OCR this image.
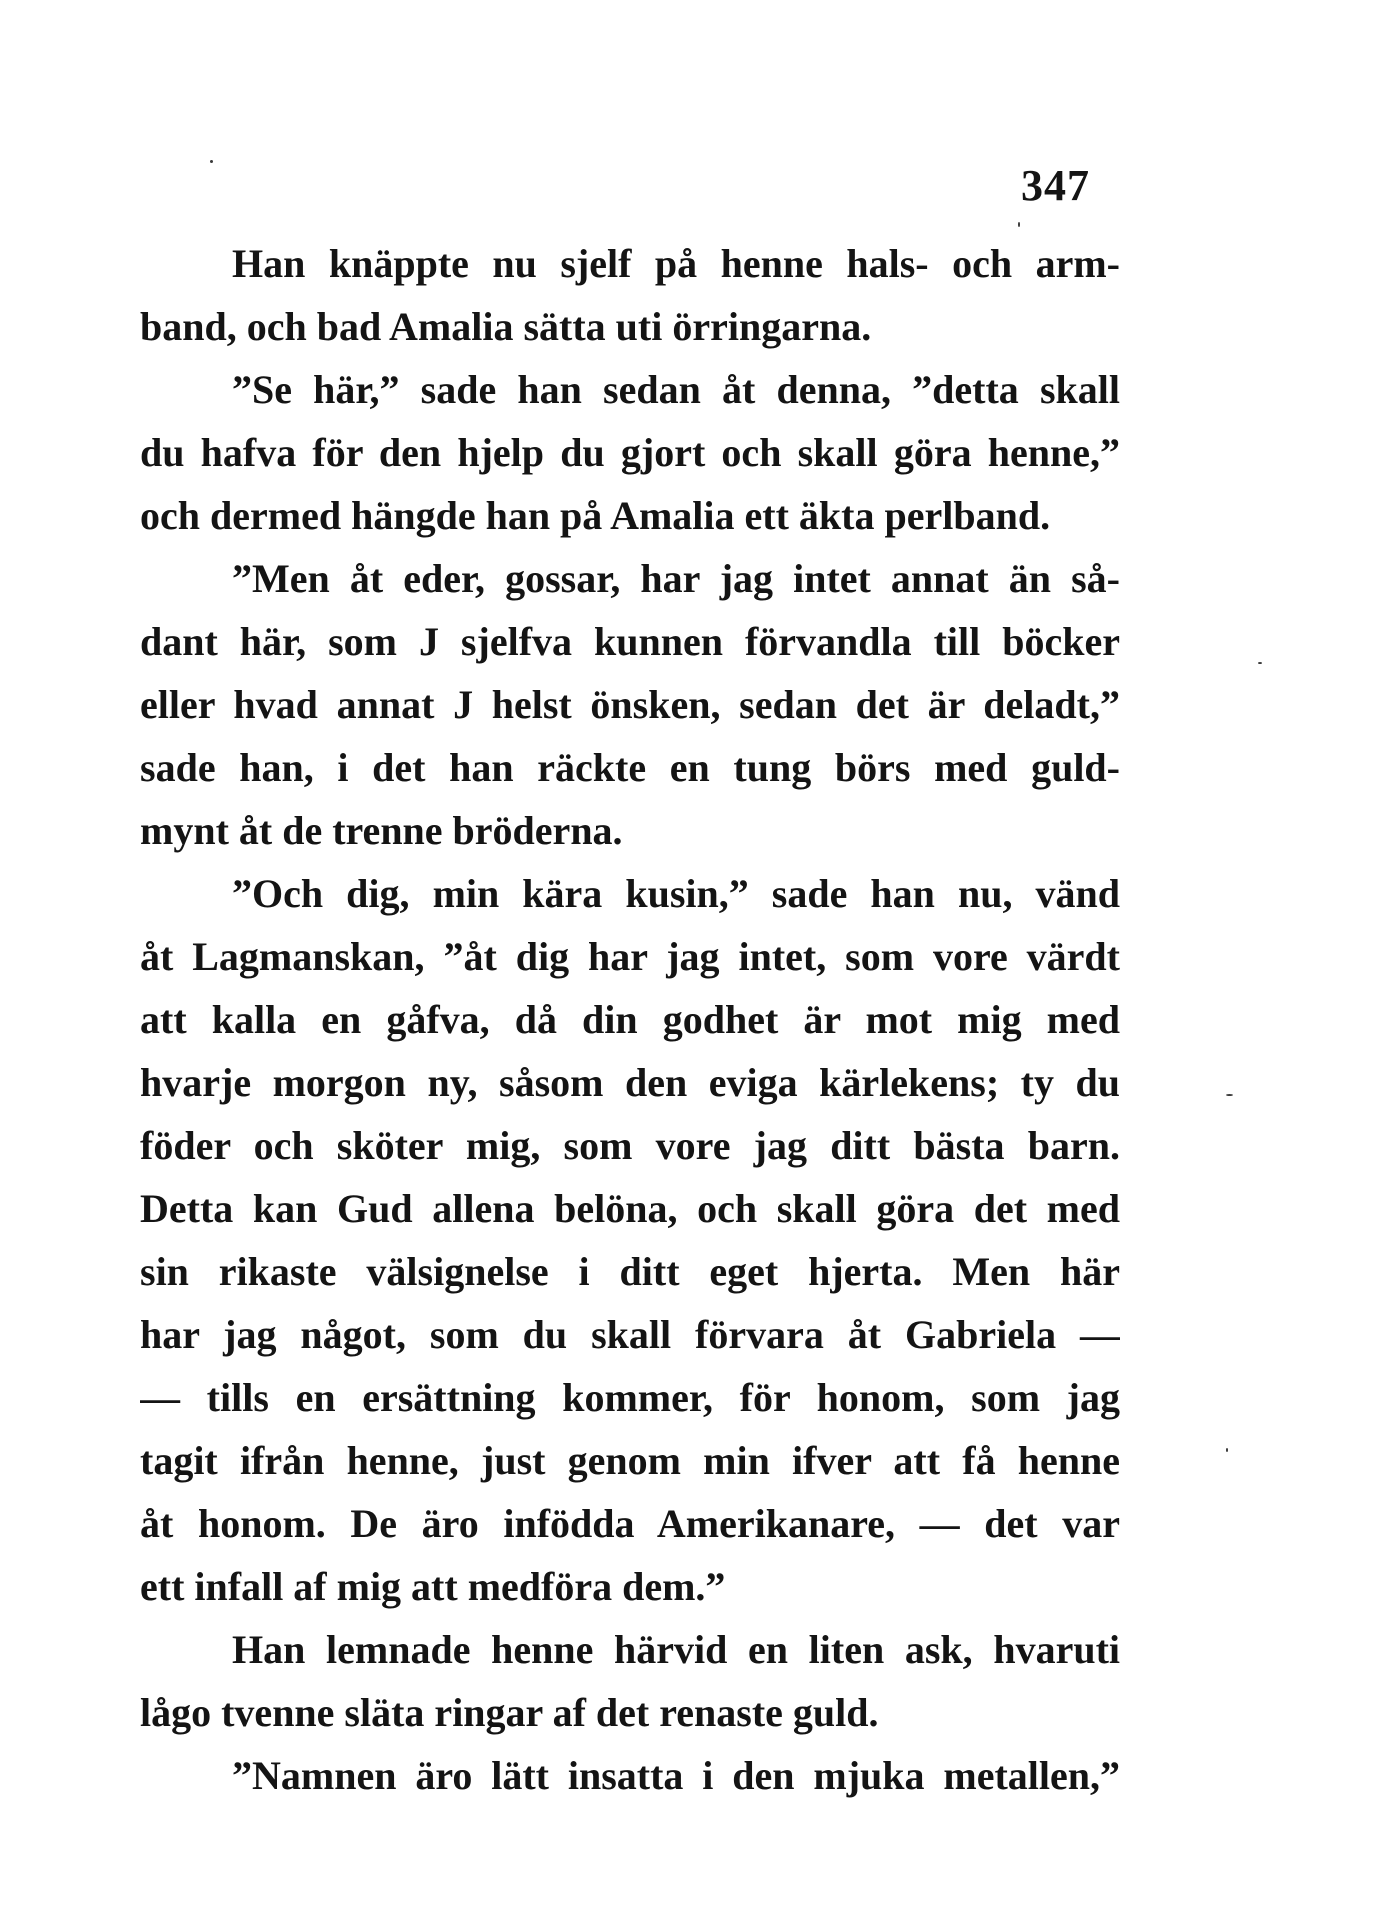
347
Han knäppte nu sjelf på henne hals- och arm-
band, och bad Amalia sätta uti örringarna.
”Se här,” sade han sedan åt denna, ”detta skall
du hafva för den hjelp du gjort och skall göra henne,”
och dermed hängde han på Amalia ett äkta perlband.
”Men åt eder, gossar, har jag intet annat än så-
dant här, som J sjelfva kunnen förvandla till böcker
eller hvad annat J helst önsken, sedan det är deladt,”
sade han, i det han räckte en tung börs med guld-
mynt åt de trenne bröderna.
”Och dig, min kära kusin,” sade han nu, vänd
åt Lagmanskan, ”åt dig har jag intet, som vore värdt
att kalla en gåfva, då din godhet är mot mig med
hvarje morgon ny, såsom den eviga kärlekens; ty du
föder och sköter mig, som vore jag ditt bästa barn.
Detta kan Gud allena belöna, och skall göra det med
sin rikaste välsignelse i ditt eget hjerta. Men här
har jag något, som du skall förvara åt Gabriela —
— tills en ersättning kommer, för honom, som jag
tagit ifrån henne, just genom min ifver att få henne
åt honom. De äro infödda Amerikanare, — det var
ett infall af mig att medföra dem.”
Han lemnade henne härvid en liten ask, hvaruti
lågo tvenne släta ringar af det renaste guld.
”Namnen äro lätt insatta i den mjuka metallen,”
